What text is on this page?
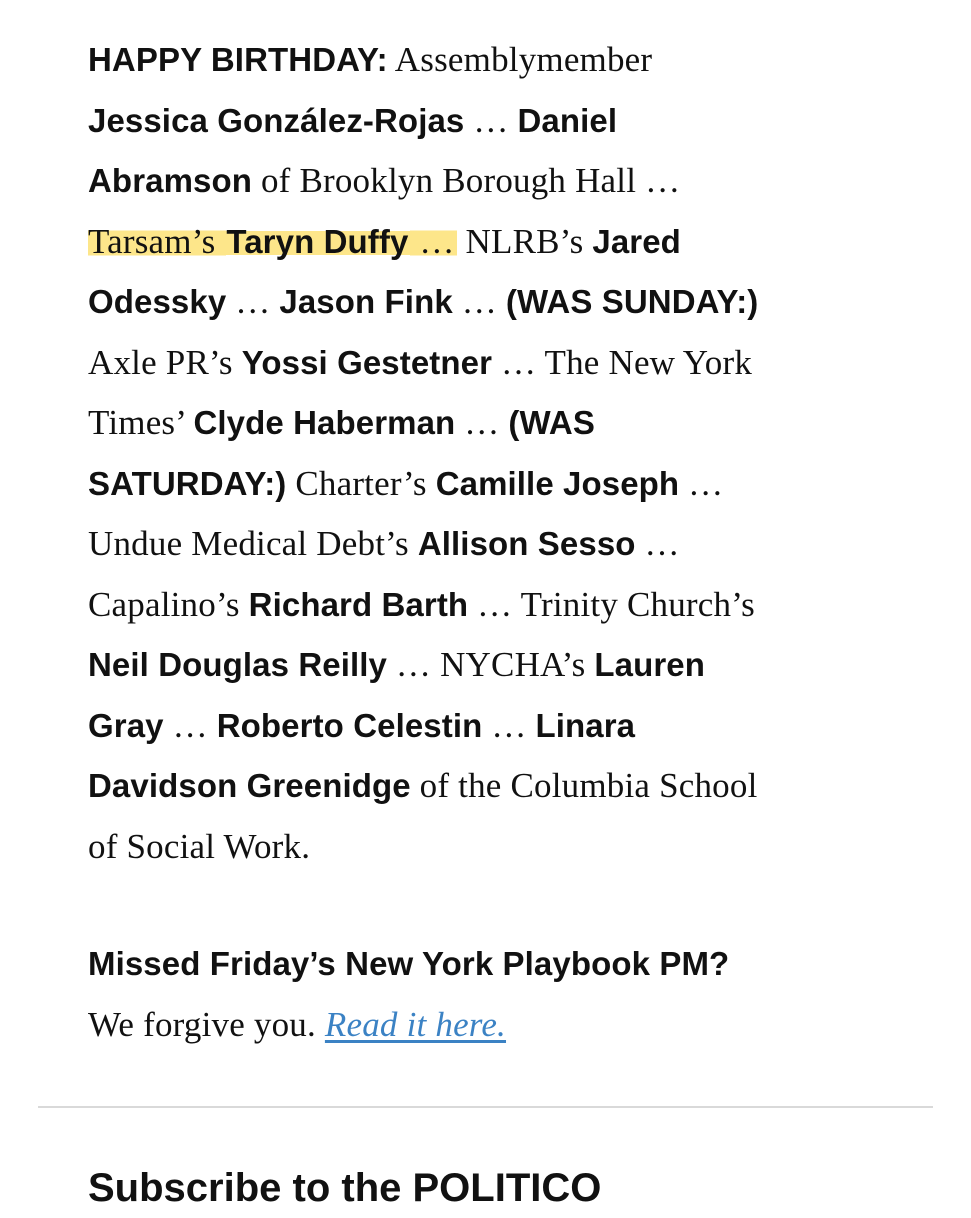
HAPPY BIRTHDAY: Assemblymember
Jessica González-Rojas … Daniel
Abramson of Brooklyn Borough Hall …
Tarsam’s Taryn Duffy … NLRB’s Jared
Odessky … Jason Fink … (WAS SUNDAY:)
Axle PR’s Yossi Gestetner … The New York
Times’ Clyde Haberman … (WAS
SATURDAY:) Charter’s Camille Joseph …
Undue Medical Debt’s Allison Sesso …
Capalino’s Richard Barth … Trinity Church’s
Neil Douglas Reilly … NYCHA’s Lauren
Gray … Roberto Celestin … Linara
Davidson Greenidge of the Columbia School
of Social Work.
Missed Friday’s New York Playbook PM?
We forgive you. Read it here.
Subscribe to the POLITICO
